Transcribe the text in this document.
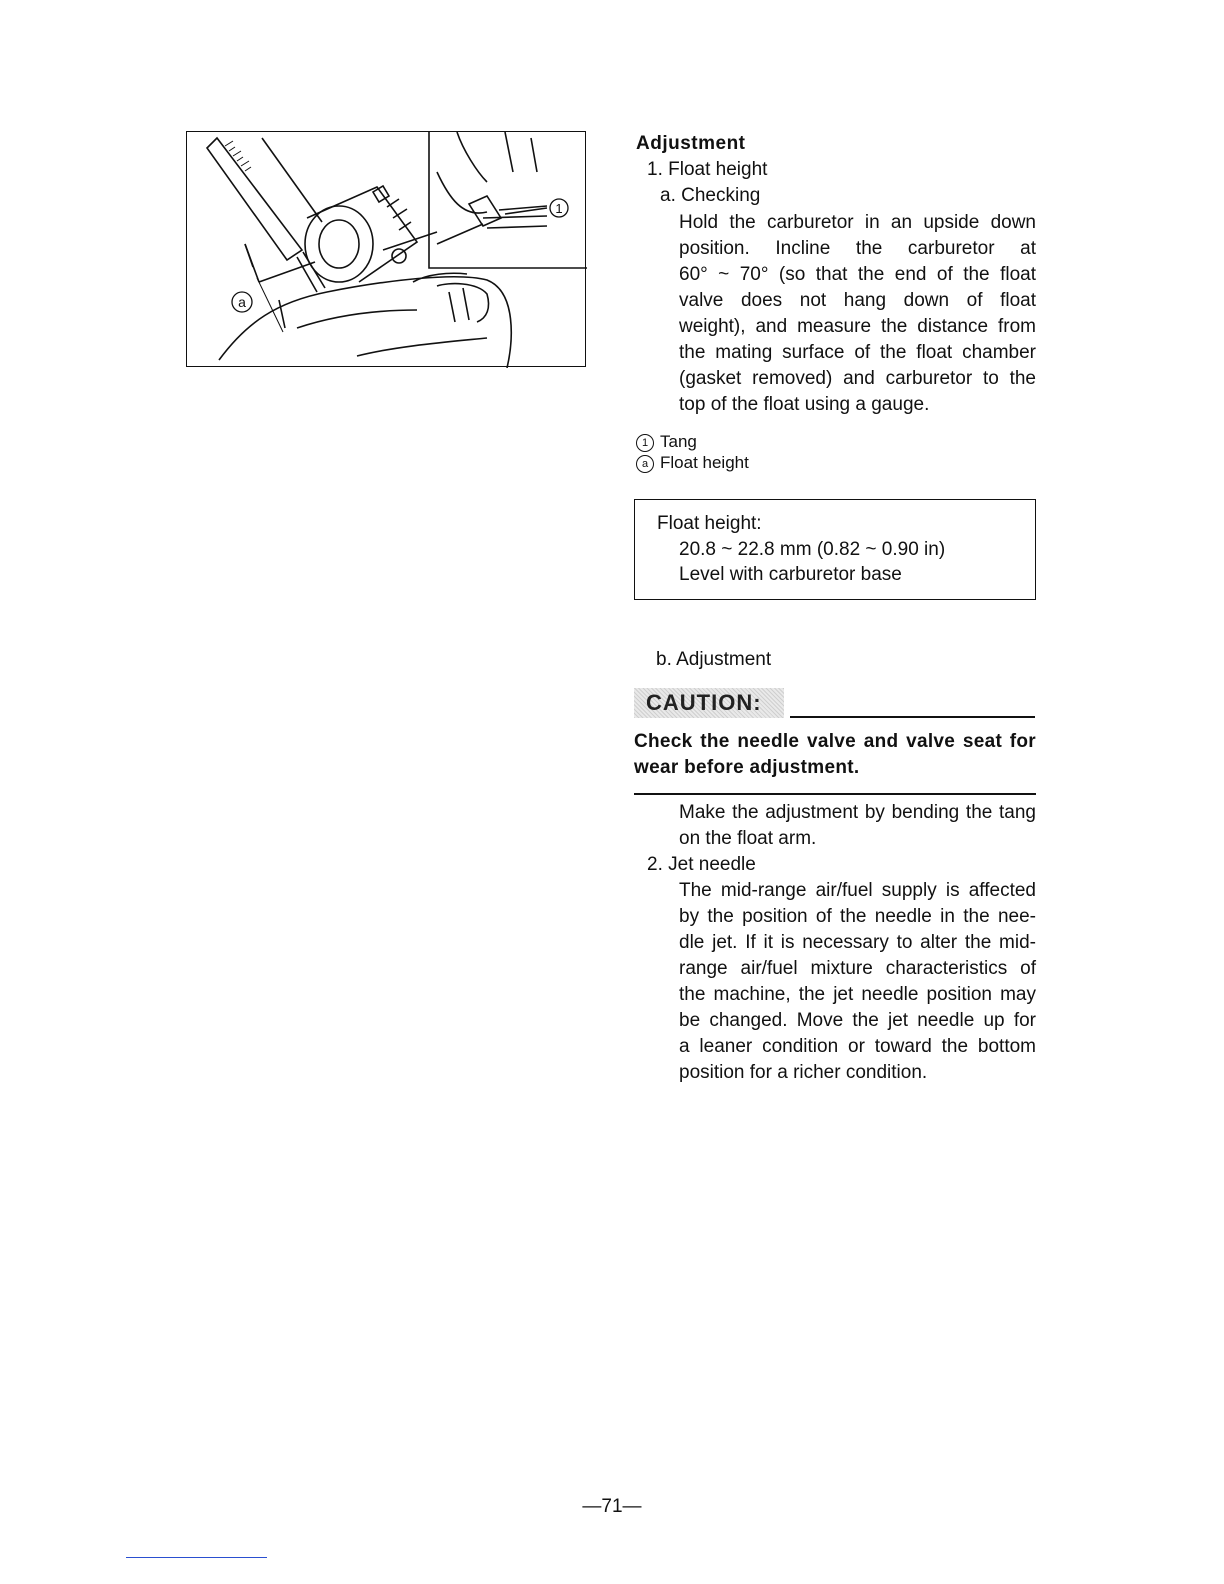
1
a
Adjustment
1. Float height
a. Checking
Hold the carburetor in an upside down
position. Incline the carburetor at
60° ~ 70° (so that the end of the float
valve does not hang down of float
weight), and measure the distance from
the mating surface of the float chamber
(gasket removed) and carburetor to the
top of the float using a gauge.
1 Tang
a Float height
Float height:
20.8 ~ 22.8 mm (0.82 ~ 0.90 in)
Level with carburetor base
b. Adjustment
CAUTION:
Check the needle valve and valve seat for
wear before adjustment.
Make the adjustment by bending the tang
on the float arm.
2. Jet needle
The mid-range air/fuel supply is affected
by the position of the needle in the nee-
dle jet. If it is necessary to alter the mid-
range air/fuel mixture characteristics of
the machine, the jet needle position may
be changed. Move the jet needle up for
a leaner condition or toward the bottom
position for a richer condition.
—71—
